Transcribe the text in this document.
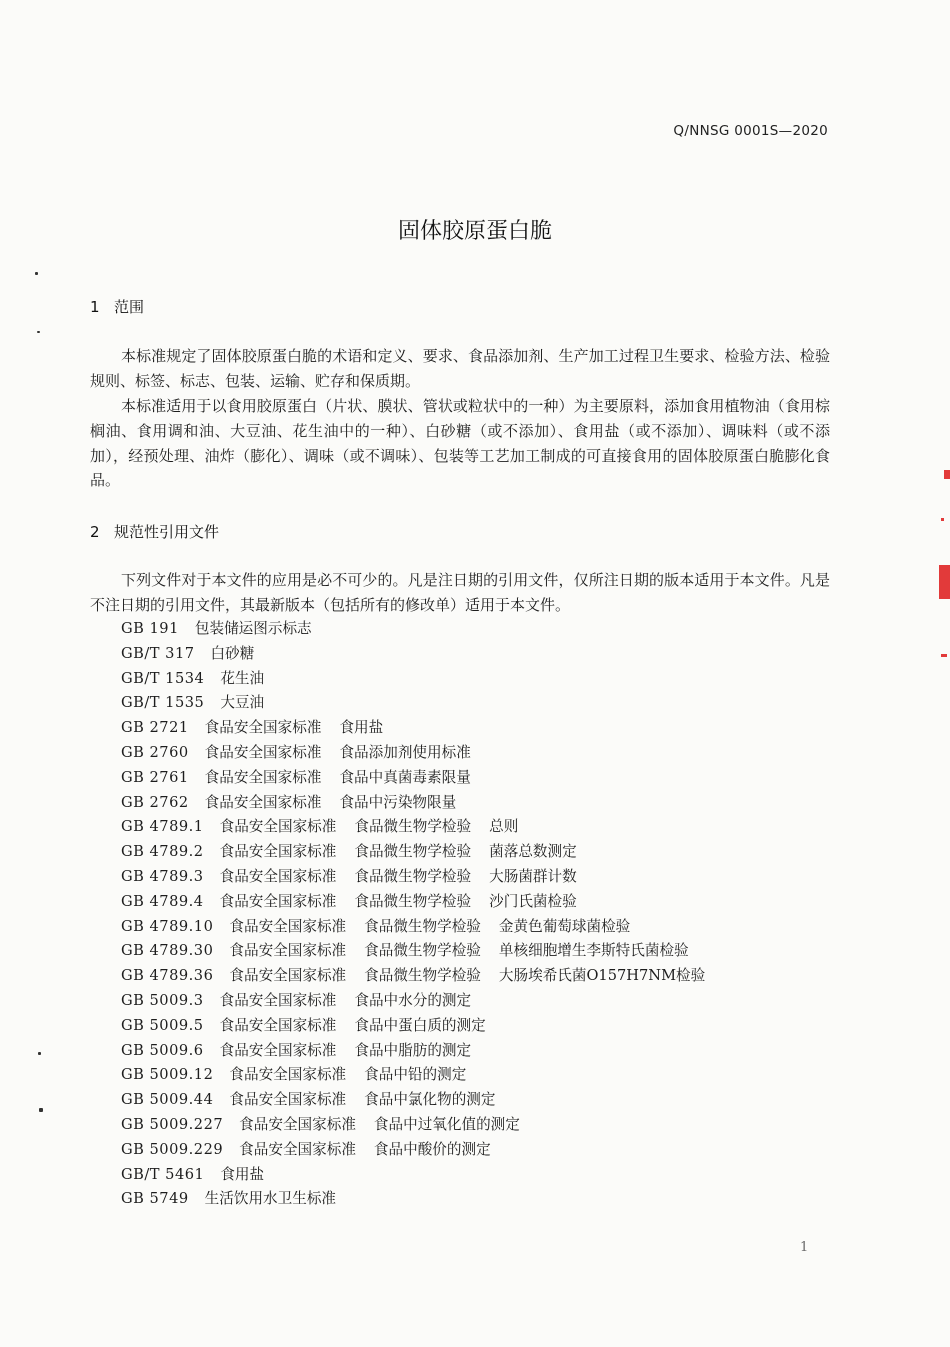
Q/NNSG 0001S—2020
固体胶原蛋白脆
1 范围

本标准规定了固体胶原蛋白脆的术语和定义、要求、食品添加剂、生产加工过程卫生要求、检验方法、检验规则、标签、标志、包装、运输、贮存和保质期。

本标准适用于以食用胶原蛋白（片状、膜状、管状或粒状中的一种）为主要原料，添加食用植物油（食用棕榈油、食用调和油、大豆油、花生油中的一种）、白砂糖（或不添加）、食用盐（或不添加）、调味料（或不添加），经预处理、油炸（膨化）、调味（或不调味）、包装等工艺加工制成的可直接食用的固体胶原蛋白脆膨化食品。

2 规范性引用文件

下列文件对于本文件的应用是必不可少的。凡是注日期的引用文件，仅所注日期的版本适用于本文件。凡是不注日期的引用文件，其最新版本（包括所有的修改单）适用于本文件。

GB 191 包装储运图示标志
GB/T 317 白砂糖
GB/T 1534 花生油
GB/T 1535 大豆油
GB 2721 食品安全国家标准 食用盐
GB 2760 食品安全国家标准 食品添加剂使用标准
GB 2761 食品安全国家标准 食品中真菌毒素限量
GB 2762 食品安全国家标准 食品中污染物限量
GB 4789.1 食品安全国家标准 食品微生物学检验 总则
GB 4789.2 食品安全国家标准 食品微生物学检验 菌落总数测定
GB 4789.3 食品安全国家标准 食品微生物学检验 大肠菌群计数
GB 4789.4 食品安全国家标准 食品微生物学检验 沙门氏菌检验
GB 4789.10 食品安全国家标准 食品微生物学检验 金黄色葡萄球菌检验
GB 4789.30 食品安全国家标准 食品微生物学检验 单核细胞增生李斯特氏菌检验
GB 4789.36 食品安全国家标准 食品微生物学检验 大肠埃希氏菌O157H7NM检验
GB 5009.3 食品安全国家标准 食品中水分的测定
GB 5009.5 食品安全国家标准 食品中蛋白质的测定
GB 5009.6 食品安全国家标准 食品中脂肪的测定
GB 5009.12 食品安全国家标准 食品中铅的测定
GB 5009.44 食品安全国家标准 食品中氯化物的测定
GB 5009.227 食品安全国家标准 食品中过氧化值的测定
GB 5009.229 食品安全国家标准 食品中酸价的测定
GB/T 5461 食用盐
GB 5749 生活饮用水卫生标准
1
